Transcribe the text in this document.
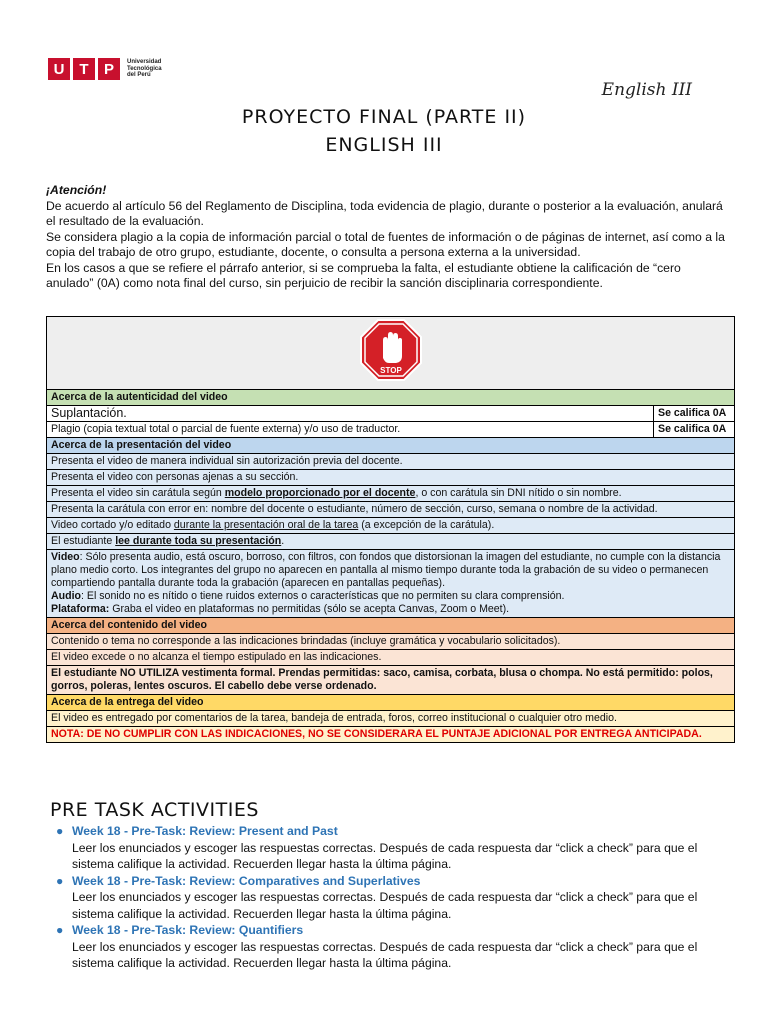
U T	P	Universidad Tecnológica del Perú
English III
PROYECTO FINAL (PARTE II)
ENGLISH III

¡Atención!

De acuerdo al artículo 56 del Reglamento de Disciplina, toda evidencia de plagio, durante o posterior a la evaluación, anulará el resultado de la evaluación.

Se considera plagio a la copia de información parcial o total de fuentes de información o de páginas de internet, así como a la copia del trabajo de otro grupo, estudiante, docente, o consulta a persona externa a la universidad.

En los casos a que se refiere el párrafo anterior, si se comprueba la falta, el estudiante obtiene la calificación de “cero anulado” (0A) como nota final del curso, sin perjuicio de recibir la sanción disciplinaria correspondiente.

STOP	

Acerca de la autenticidad del video	
Suplantación.	Se califica 0A
Plagio (copia textual total o parcial de fuente externa) y/o uso de traductor.	Se califica 0A
Acerca de la presentación del video	
Presenta el video de manera individual sin autorización previa del docente.	
Presenta el video con personas ajenas a su sección.	
Presenta el video sin carátula según modelo proporcionado por el docente, o con carátula sin DNI nítido o sin nombre.	
Presenta la carátula con error en: nombre del docente o estudiante, número de sección, curso, semana o nombre de la actividad.	
Video cortado y/o editado durante la presentación oral de la tarea (a excepción de la carátula).	
El estudiante lee durante toda su presentación.	
Video: Sólo presenta audio, está oscuro, borroso, con filtros, con fondos que distorsionan la imagen del estudiante, no cumple con la distancia plano medio corto. Los integrantes del grupo no aparecen en pantalla al mismo tiempo durante toda la grabación de su video o permanecen compartiendo pantalla durante toda la grabación (aparecen en pantallas pequeñas).
Audio: El sonido no es nítido o tiene ruidos externos o características que no permiten su clara comprensión.
Plataforma: Graba el video en plataformas no permitidas (sólo se acepta Canvas, Zoom o Meet).	
Acerca del contenido del video	
Contenido o tema no corresponde a las indicaciones brindadas (incluye gramática y vocabulario solicitados).	
El video excede o no alcanza el tiempo estipulado en las indicaciones.	
El estudiante NO UTILIZA vestimenta formal. Prendas permitidas: saco, camisa, corbata, blusa o chompa. No está permitido: polos, gorros, poleras, lentes oscuros. El cabello debe verse ordenado.	
Acerca de la entrega del video	
El video es entregado por comentarios de la tarea, bandeja de entrada, foros, correo institucional o cualquier otro medio.	
NOTA: DE NO CUMPLIR CON LAS INDICACIONES, NO SE CONSIDERARA EL PUNTAJE ADICIONAL POR ENTREGA ANTICIPADA.	
PRE TASK ACTIVITIES
● Week 18 - Pre-Task: Review: Present and Past
Leer los enunciados y escoger las respuestas correctas. Después de cada respuesta dar “click a check” para que el sistema califique la actividad. Recuerden llegar hasta la última página.
● Week 18 - Pre-Task: Review: Comparatives and Superlatives
Leer los enunciados y escoger las respuestas correctas. Después de cada respuesta dar “click a check” para que el sistema califique la actividad. Recuerden llegar hasta la última página.
● Week 18 - Pre-Task: Review: Quantifiers
Leer los enunciados y escoger las respuestas correctas. Después de cada respuesta dar “click a check” para que el sistema califique la actividad. Recuerden llegar hasta la última página.
